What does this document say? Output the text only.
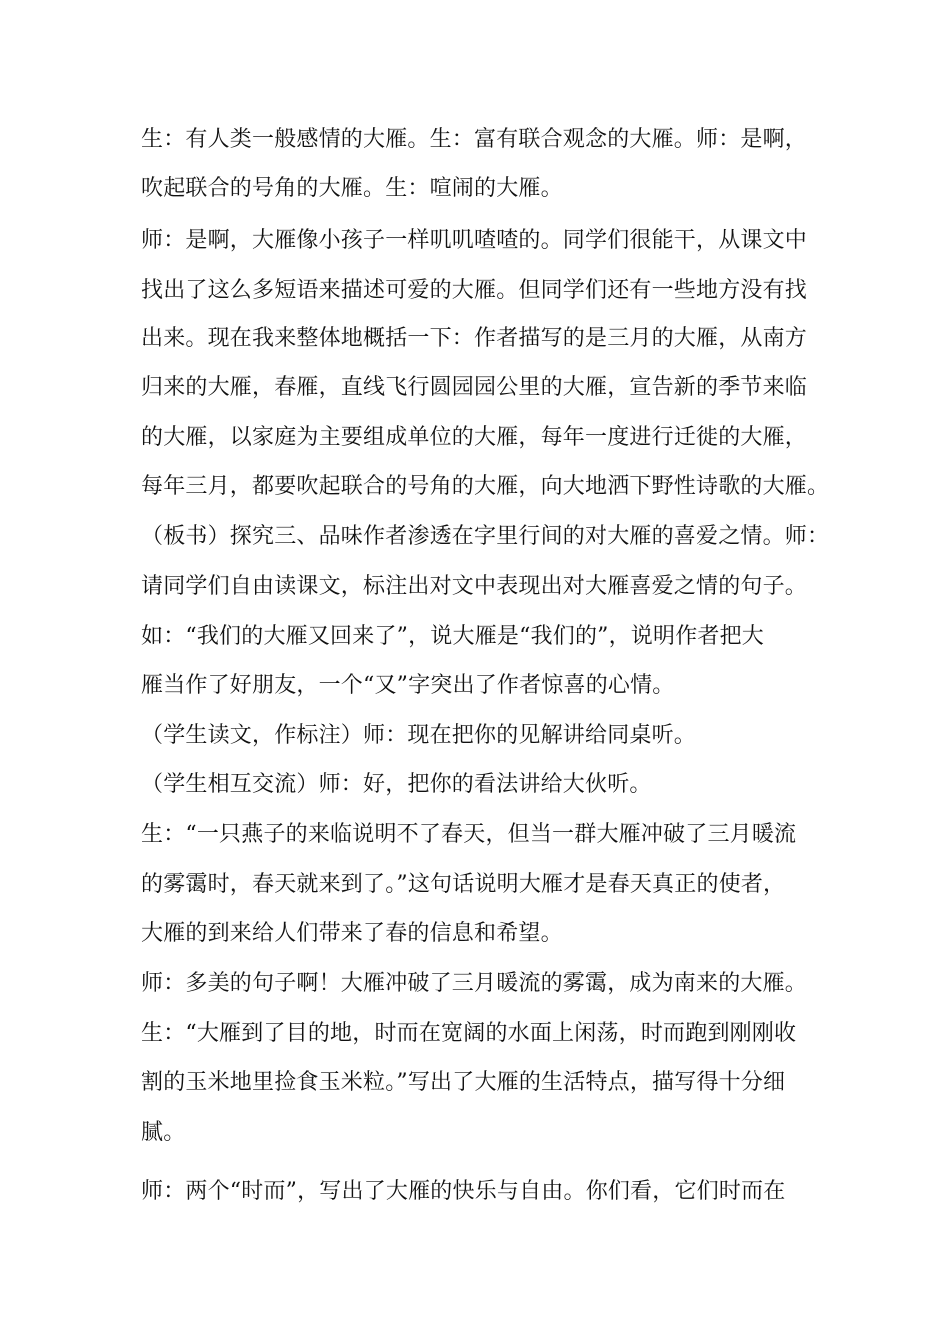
生：有人类一般感情的大雁。生：富有联合观念的大雁。师：是啊，
吹起联合的号角的大雁。生：喧闹的大雁。
师：是啊，大雁像小孩子一样叽叽喳喳的。同学们很能干，从课文中
找出了这么多短语来描述可爱的大雁。但同学们还有一些地方没有找
出来。现在我来整体地概括一下：作者描写的是三月的大雁，从南方
归来的大雁，春雁，直线飞行圆园园公里的大雁，宣告新的季节来临
的大雁，以家庭为主要组成单位的大雁，每年一度进行迁徙的大雁，
每年三月，都要吹起联合的号角的大雁，向大地洒下野性诗歌的大雁。
（板书）探究三、品味作者渗透在字里行间的对大雁的喜爱之情。师：
请同学们自由读课文，标注出对文中表现出对大雁喜爱之情的句子。
如：“我们的大雁又回来了”，说大雁是“我们的”，说明作者把大
雁当作了好朋友，一个“又”字突出了作者惊喜的心情。
（学生读文，作标注）师：现在把你的见解讲给同桌听。
（学生相互交流）师：好，把你的看法讲给大伙听。
生：“一只燕子的来临说明不了春天，但当一群大雁冲破了三月暖流
的雾霭时，春天就来到了。”这句话说明大雁才是春天真正的使者，
大雁的到来给人们带来了春的信息和希望。
师：多美的句子啊！大雁冲破了三月暖流的雾霭，成为南来的大雁。
生：“大雁到了目的地，时而在宽阔的水面上闲荡，时而跑到刚刚收
割的玉米地里捡食玉米粒。”写出了大雁的生活特点，描写得十分细
腻。
师：两个“时而”，写出了大雁的快乐与自由。你们看，它们时而在
